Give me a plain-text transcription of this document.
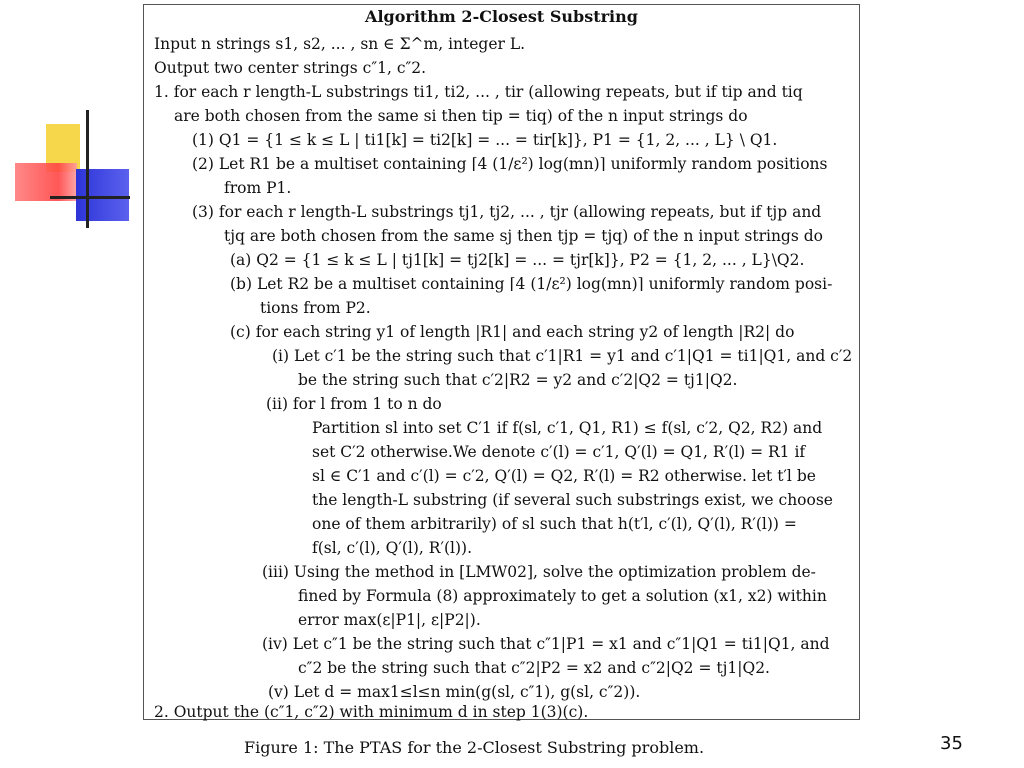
Algorithm 2-Closest Substring
Input n strings s1, s2, ... , sn ∈ Σ^m, integer L.
Output two center strings c″1, c″2.
1. for each r length-L substrings ti1, ti2, ... , tir (allowing repeats, but if tip and tiq
are both chosen from the same si then tip = tiq) of the n input strings do
(1) Q1 = {1 ≤ k ≤ L | ti1[k] = ti2[k] = ... = tir[k]}, P1 = {1, 2, ... , L} \ Q1.
(2) Let R1 be a multiset containing ⌈4 (1/ε²) log(mn)⌉ uniformly random positions
from P1.
(3) for each r length-L substrings tj1, tj2, ... , tjr (allowing repeats, but if tjp and
tjq are both chosen from the same sj then tjp = tjq) of the n input strings do
(a) Q2 = {1 ≤ k ≤ L | tj1[k] = tj2[k] = ... = tjr[k]}, P2 = {1, 2, ... , L}\Q2.
(b) Let R2 be a multiset containing ⌈4 (1/ε²) log(mn)⌉ uniformly random posi-
tions from P2.
(c) for each string y1 of length |R1| and each string y2 of length |R2| do
(i) Let c′1 be the string such that c′1|R1 = y1 and c′1|Q1 = ti1|Q1, and c′2
be the string such that c′2|R2 = y2 and c′2|Q2 = tj1|Q2.
(ii) for l from 1 to n do
Partition sl into set C′1 if f(sl, c′1, Q1, R1) ≤ f(sl, c′2, Q2, R2) and
set C′2 otherwise.We denote c′(l) = c′1, Q′(l) = Q1, R′(l) = R1 if
sl ∈ C′1 and c′(l) = c′2, Q′(l) = Q2, R′(l) = R2 otherwise. let t′l be
the length-L substring (if several such substrings exist, we choose
one of them arbitrarily) of sl such that h(t′l, c′(l), Q′(l), R′(l)) =
f(sl, c′(l), Q′(l), R′(l)).
(iii) Using the method in [LMW02], solve the optimization problem de-
fined by Formula (8) approximately to get a solution (x1, x2) within
error max(ε|P1|, ε|P2|).
(iv) Let c″1 be the string such that c″1|P1 = x1 and c″1|Q1 = ti1|Q1, and
c″2 be the string such that c″2|P2 = x2 and c″2|Q2 = tj1|Q2.
(v) Let d = max1≤l≤n min(g(sl, c″1), g(sl, c″2)).
2. Output the (c″1, c″2) with minimum d in step 1(3)(c).
Figure 1: The PTAS for the 2-Closest Substring problem.	35
